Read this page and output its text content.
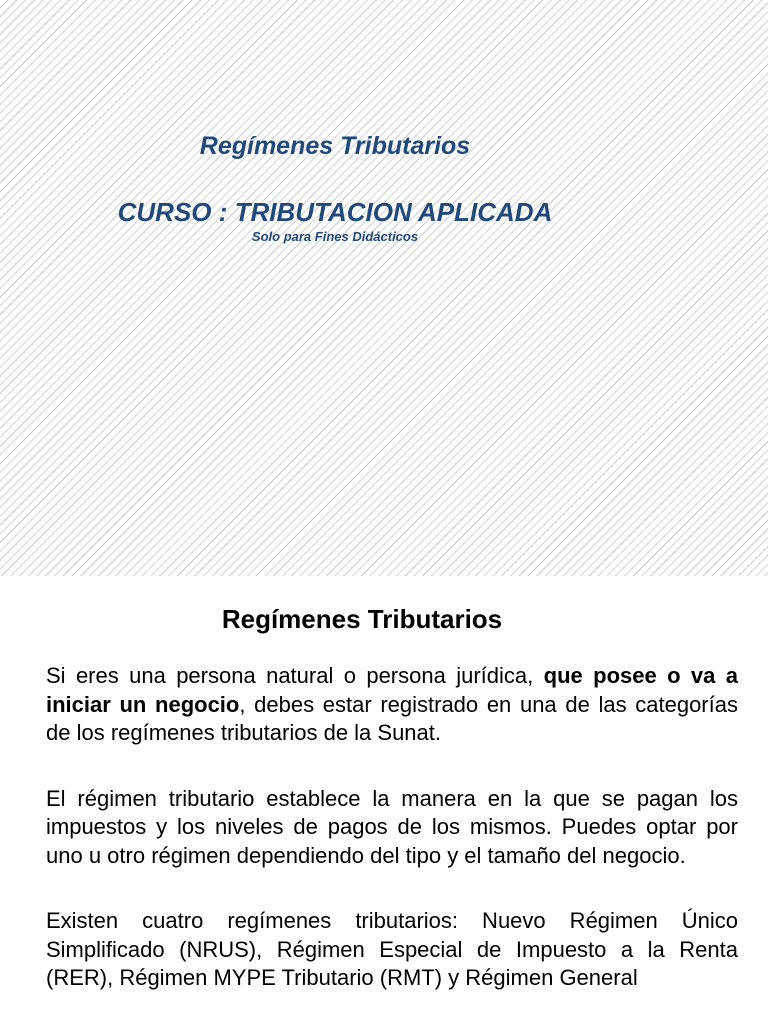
Regímenes Tributarios
CURSO : TRIBUTACION APLICADA
Solo para Fines Didácticos
Regímenes Tributarios

Si eres una persona natural o persona jurídica, que posee o va a iniciar un negocio, debes estar registrado en una de las categorías de los regímenes tributarios de la Sunat.

El régimen tributario establece la manera en la que se pagan los impuestos y los niveles de pagos de los mismos. Puedes optar por uno u otro régimen dependiendo del tipo y el tamaño del negocio.

Existen cuatro regímenes tributarios: Nuevo Régimen Único Simplificado (NRUS), Régimen Especial de Impuesto a la Renta (RER), Régimen MYPE Tributario (RMT) y Régimen General
